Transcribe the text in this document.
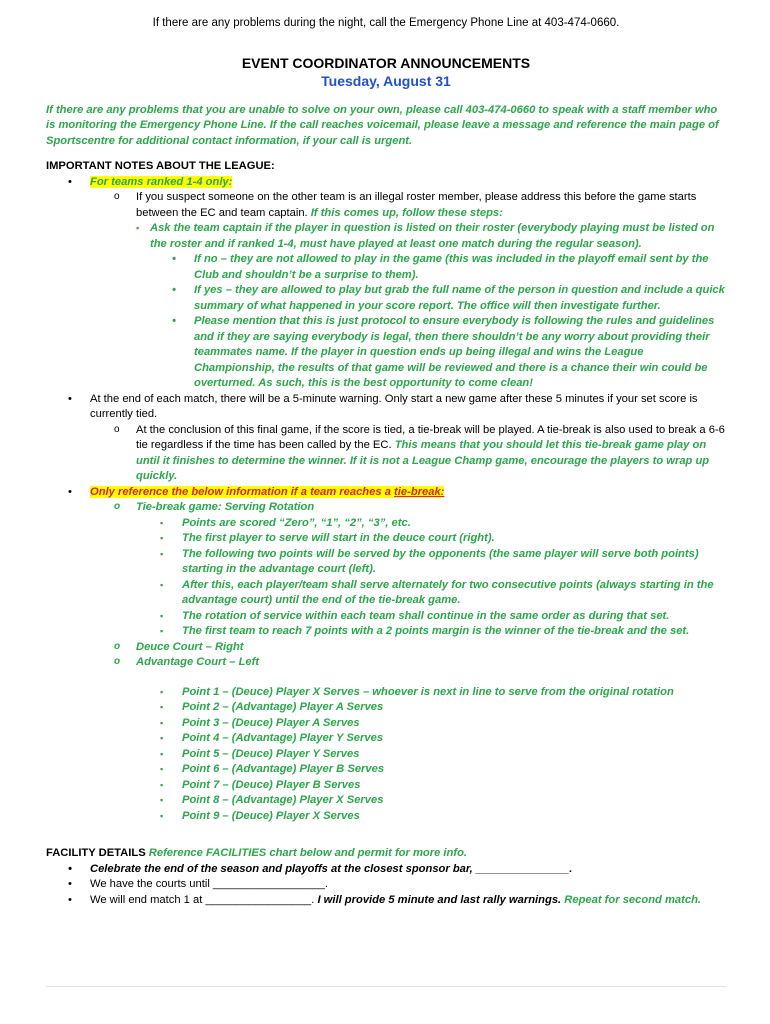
If there are any problems during the night, call the Emergency Phone Line at 403-474-0660.
EVENT COORDINATOR ANNOUNCEMENTS
Tuesday, August 31
If there are any problems that you are unable to solve on your own, please call 403-474-0660 to speak with a staff member who is monitoring the Emergency Phone Line. If the call reaches voicemail, please leave a message and reference the main page of Sportscentre for additional contact information, if your call is urgent.
IMPORTANT NOTES ABOUT THE LEAGUE:
• For teams ranked 1-4 only:
o If you suspect someone on the other team is an illegal roster member, please address this before the game starts between the EC and team captain. If this comes up, follow these steps:
▪ Ask the team captain if the player in question is listed on their roster (everybody playing must be listed on the roster and if ranked 1-4, must have played at least one match during the regular season).
• If no – they are not allowed to play in the game (this was included in the playoff email sent by the Club and shouldn’t be a surprise to them).
• If yes – they are allowed to play but grab the full name of the person in question and include a quick summary of what happened in your score report. The office will then investigate further.
• Please mention that this is just protocol to ensure everybody is following the rules and guidelines and if they are saying everybody is legal, then there shouldn’t be any worry about providing their teammates name. If the player in question ends up being illegal and wins the League Championship, the results of that game will be reviewed and there is a chance their win could be overturned. As such, this is the best opportunity to come clean!
• At the end of each match, there will be a 5-minute warning. Only start a new game after these 5 minutes if your set score is currently tied.
o At the conclusion of this final game, if the score is tied, a tie-break will be played. A tie-break is also used to break a 6-6 tie regardless if the time has been called by the EC. This means that you should let this tie-break game play on until it finishes to determine the winner. If it is not a League Champ game, encourage the players to wrap up quickly.
• Only reference the below information if a team reaches a tie-break:
o Tie-break game: Serving Rotation
▪ Points are scored “Zero”, “1”, “2”, “3”, etc.
▪ The first player to serve will start in the deuce court (right).
▪ The following two points will be served by the opponents (the same player will serve both points) starting in the advantage court (left).
▪ After this, each player/team shall serve alternately for two consecutive points (always starting in the advantage court) until the end of the tie-break game.
▪ The rotation of service within each team shall continue in the same order as during that set.
▪ The first team to reach 7 points with a 2 points margin is the winner of the tie-break and the set.
o Deuce Court – Right
o Advantage Court – Left
▪ Point 1 – (Deuce) Player X Serves – whoever is next in line to serve from the original rotation
▪ Point 2 – (Advantage) Player A Serves
▪ Point 3 – (Deuce) Player A Serves
▪ Point 4 – (Advantage) Player Y Serves
▪ Point 5 – (Deuce) Player Y Serves
▪ Point 6 – (Advantage) Player B Serves
▪ Point 7 – (Deuce) Player B Serves
▪ Point 8 – (Advantage) Player X Serves
▪ Point 9 – (Deuce) Player X Serves
FACILITY DETAILS Reference FACILITIES chart below and permit for more info.
• Celebrate the end of the season and playoffs at the closest sponsor bar, _______________.
• We have the courts until __________________.
• We will end match 1 at _________________. I will provide 5 minute and last rally warnings. Repeat for second match.
